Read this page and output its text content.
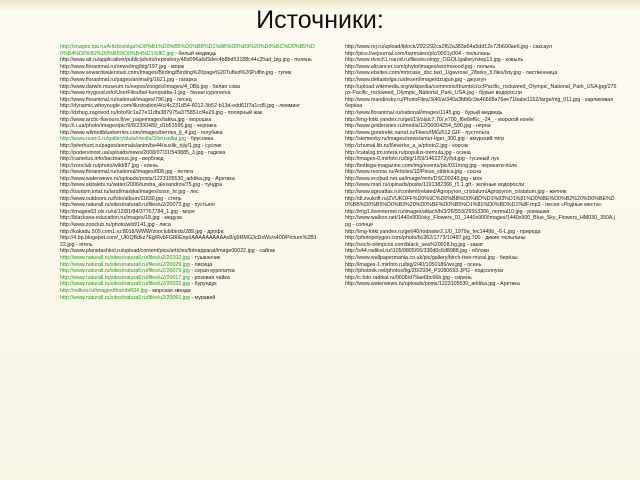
Источники:
• http://images.qai.ru/Articles/olga%D0%B1%D0%B5%D0%BB%D1%8B%D0%B9%20%D0%BC%D0%B5%D0%B4%D0%B2%D0%B5%D0%B4%D1%8C.jpg - белый медведь
• http://www.ait.ru/application/public/photo/repository/48d096a6d9dec4b8bd53188c44c25ad_big.jpg - полень
• http://www.floranimal.ru/news/img/big/197.jpg - морж
• http://www.sewardwalerstaxi.com/Images/Birding/Birding%20page%20Tufted%20Puffin.jpg - тупик
• http://www.floranimal.ru/pages/animal/g/1621.jpg - гагарка
• http://www.darwin.museum.ru/expos/zoogeo/images/4_0Bb.jpg - белая сова
• http://www.mygood.info/UserFiles/bel-kuropatka-1.jpg - белая куропатка
• http://www.floranimal.ru/national/images/796.jpg - песец
• http://dynamic.whoyougle.com/illustration/4/c/4c231d54-6012-3b52-b13d-edd61f7a1cd5.jpg - лемминг
• http://dzhug.zagovod.ru/foto/9c1a27e11dfa387975a375851cf4e29.jpg - полярный жак
• http://www.arctic-flavours.fi/ve_pageimages/takka.jpg - морошка
• http://i.i.ua/photo/images/pic/9/8/2330489_d1b51595.jpg - черника
• http://www.wilmottblueberries.com/images/berries_lj_4.jpg - голубика
• http://www.rsam1.ru/gallery/data/media/3/brusnika.jpg - брусника
• http://piterhunt.ru/pages/animals/anim/be44/suslik_rijiy/1.jpg - суслик
• http://podervinost.ua/uploads/news/2008/07/31/543885_3.jpg - гадюка
• http://camelus.info/bactrianus.jpg - верблюд
• http://zooclub.ru/photo/wild/87.jpg - олень
• http://www.floranimal.ru/national/images/808.jpg - летяга
• http://www.waterwews.ru/uploads/posts/1223105530_arktika.jpg - Арктика
• http://www.skitalets.ru/water/2006/tundra_alexandrov/75.jpg - тундра
• http://tourism.intat.ru/land/marijka/images/sosn_hr.jpg - лес
• http://www.outdoors.ru/foto/album/11830.jpg - степь
• http://www.naturall.ru/sites/naturall.ru/files/u2/20073.jpg - пустыня
• http://images03.olx.ru/ui/12/81/84/37767784_1.jpg - море
• http://blacksea-education.ru/images/18.jpg - медуза
• http://www.zooclub.ru/photo/wild/141.jpg - лиса
• http://kakadu.509.com1.ru:8018/WWW/zooclub/birds/289.jpg - дрофа
• http://4.bp.blogspot.com/_UKiQBdkz7Eg/RvbFG80EnpI/AAAAAAAAAAx8/g9RMG3cDsWs/s400/Picture%2B122.jpg - ягель
• http://www.planetashkol.ru/upload/content/pics/articles/fotoapparat/image00022.jpg - сайгак
• http://www.naturall.ru/sites/naturall.ru/files/u2/20102.jpg - тушканчик
• http://www.naturall.ru/sites/naturall.ru/files/u2/20029.jpg - лисица
• http://www.naturall.ru/sites/naturall.ru/files/u2/20079.jpg - серая куропатка
• http://www.naturall.ru/sites/naturall.ru/files/u2/20017.jpg - розовая чайка
• http://www.naturall.ru/sites/naturall.ru/files/u2/20032.jpg - бурундук
• http://milkov.ru/images/thumb/604.jpg - морская звезда
• http://www.naturall.ru/sites/naturall.ru/files/u2/20061.jpg - муравей
• http://www.rej.ru/upload/iblock/292/292ca2f62a383a64a5dd12e72b690ae6.jpg - саксаул
• http://pics.livejournal.com/barmaleo/pic/0001y004 - тюльпаны
• http://www.dvsch1.narod.ru/files/ecology_OGOL/gallery/step13.jpg - ковыль
• http://www.altcancer.com/phyto/images/wormwood.jpg - полынь
• http://www.ebsites.com/mmcase_doc.taxl_1/gavrose_2/birks_5.files/lsty.jpg - лиственница
• http://www.deltastolga.ru/desert/image/dzugun.jpg - джузгун
• http://upload.wikimedia.org/wikipedia/commons/thumb/c/cc/Pacific_rockweed_Olympic_National_Park_USA.jpg/275px-Pacific_rockweed_Olympic_National_Park_USA.jpg - бурые водоросли
• http://www.mandinsky.ru/PhotoFiles/3/40/a/340a3fdb6c9a46668a76ee71babe1152/large/mg_011.jpg - карликовая берёза
• http://www.floranimal.ru/national/images/1145.jpg - бурый медведь
• http://img-fotki.yandex.ru/get/19/olalc7.70/.e700_f6e8ef6c_-24_ - морской конёк
• http://www.goldenstes.ru/media/12/00004254_590.jpg - нерпа
• http://www.goratrekk.narod.ru/Flees/IMG/012.GIF - пустельга
• http://siemenky.ru/images/news/amur-tiger_300.jpg - амурский тигр
• http://zhumal.lib.ru/l/leverko_a_a/photo2.jpg - корсак
• http://catalog.tm.intera.ru/populus-tremula.jpg - осина
• http://images-0.mirfoto.ru/big/1/59/1462272y/hd.jpg - гусиный лук
• http://bottega-magazine.com/img/events/pic/031mog.jpg - перекати-поле
• http://www.recnoe.ru/Articles/10/Pinus_sibirica.jpg - сосна
• http://www.ecobud.net.ua/image/moh/DSC00243.jpg - мох
• http://www.mari.ru/uploads/posts/1191382366_f1.1.gif - зелёные водоросли
• http://www.agroatlas.ru/content/related/Agropyron_cristatum/Agropyron_cristatum.jpg - житняк
• http://dl.zvukoff.ru/ZVUKOFF%D0%9C%D0%B8%D0%BD%D1%83%D1%81%D0%BE%D0%B2%20%D0%BE%D0%BB%D0%B5%D0%B3%20%D0%BF%D0%B5%D1%81%D0%BD%D1%8F.mp3 - песня «Родные места»
• http://img1.liveinternet.ru/images/attach/b/3/26/553/26553366_normal10.jpg - ромашки
• http://www.walkoo.net/1440x900/sky_Flowers_01_1440x900/images/1440x900_Blue_Sky_Flowers_HM030_350A.jpg - солнце
• http://img-fotki.yandex.ru/get/40/rodnaler2.1/0_1979a_fec1449b_-6-L.jpg - природа
• http://photopolygon.com/photo/fs/362/1773/10487.jpg.700 - дикие тюльпаны
• http://sochi-olimpcos.com/black_sea%20028.bg.jpg - закат
• http://s44.radikal.ru/i105/0805/56/330d0c6d8988.jpg - яблоки
• http://www.wallpapermania.co.uk/pic/gallery/birch-tree-mural.jpg - берёзы
• http://images-1.mirfoto.ru/big/2/40/1050186/wv.jpg - осень
• http://photosk.net/photos/bg/20/2934_P1080693.JPG - подсолнухи
• http://c.foto.radikal.ru/0606/d79ae6bc66b.jpg - сирень
• http://www.waterwews.ru/uploads/posts/1223105530_arktika.jpg - Арктика
